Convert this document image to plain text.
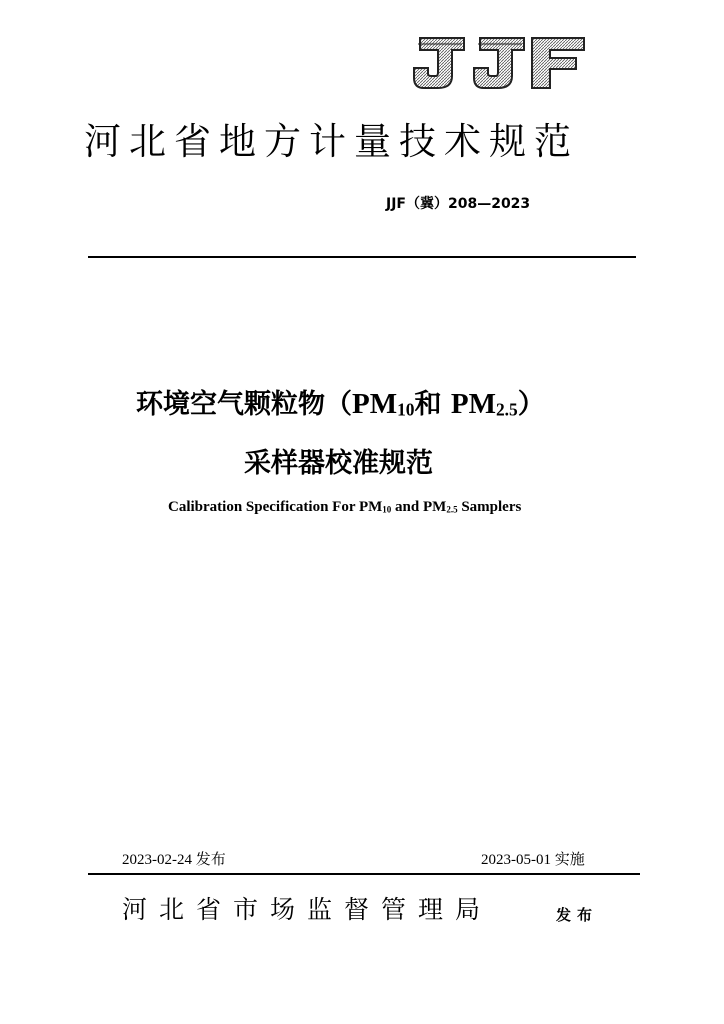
河北省地方计量技术规范
JJF（冀）208—2023
环境空气颗粒物（$PM_{10}$和 $PM_{2.5}$）
采样器校准规范
Calibration Specification For $PM_{10}$ and $PM_{2.5}$ Samplers
2023-02-24 发布	2023-05-01 实施
河北省市场监督管理局	发布
